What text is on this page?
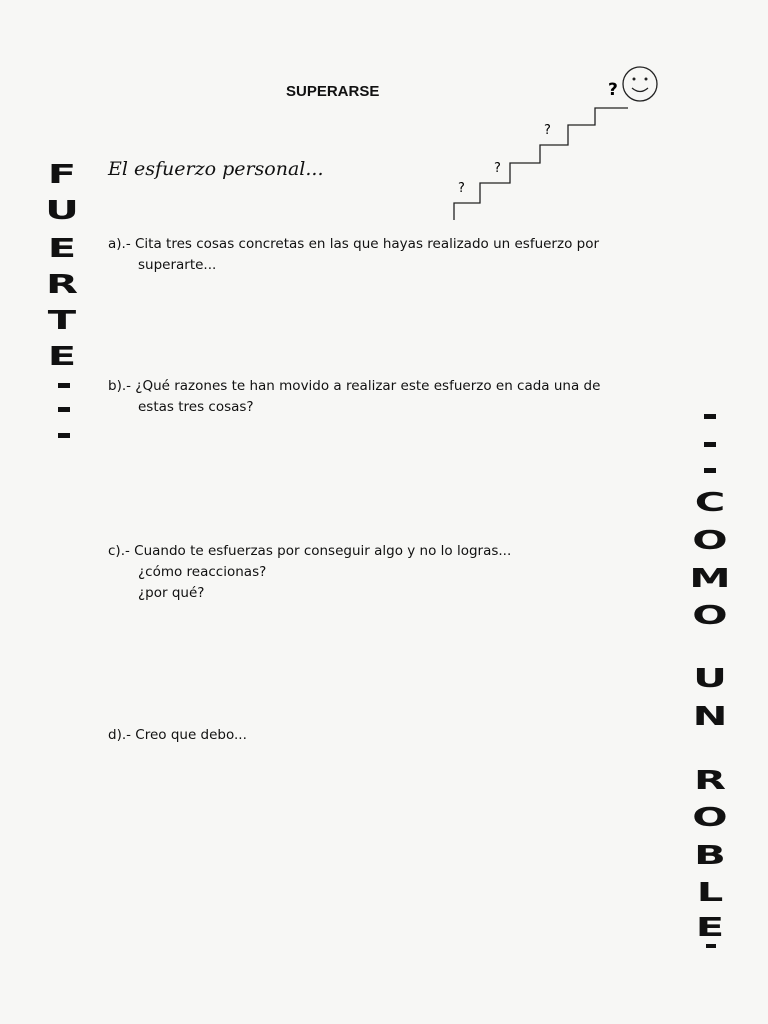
SUPERARSE
El esfuerzo personal...
?
?
?
?
a).- Cita tres cosas concretas en las que hayas realizado un esfuerzo por
superarte...
b).- ¿Qué razones te han movido a realizar este esfuerzo en cada una de
estas tres cosas?
c).- Cuando te esfuerzas por conseguir algo y no lo logras...
¿cómo reaccionas?
¿por qué?
d).- Creo que debo...
F
U
E
R
T
E
C
O
M
O
U
N
R
O
B
L
E
